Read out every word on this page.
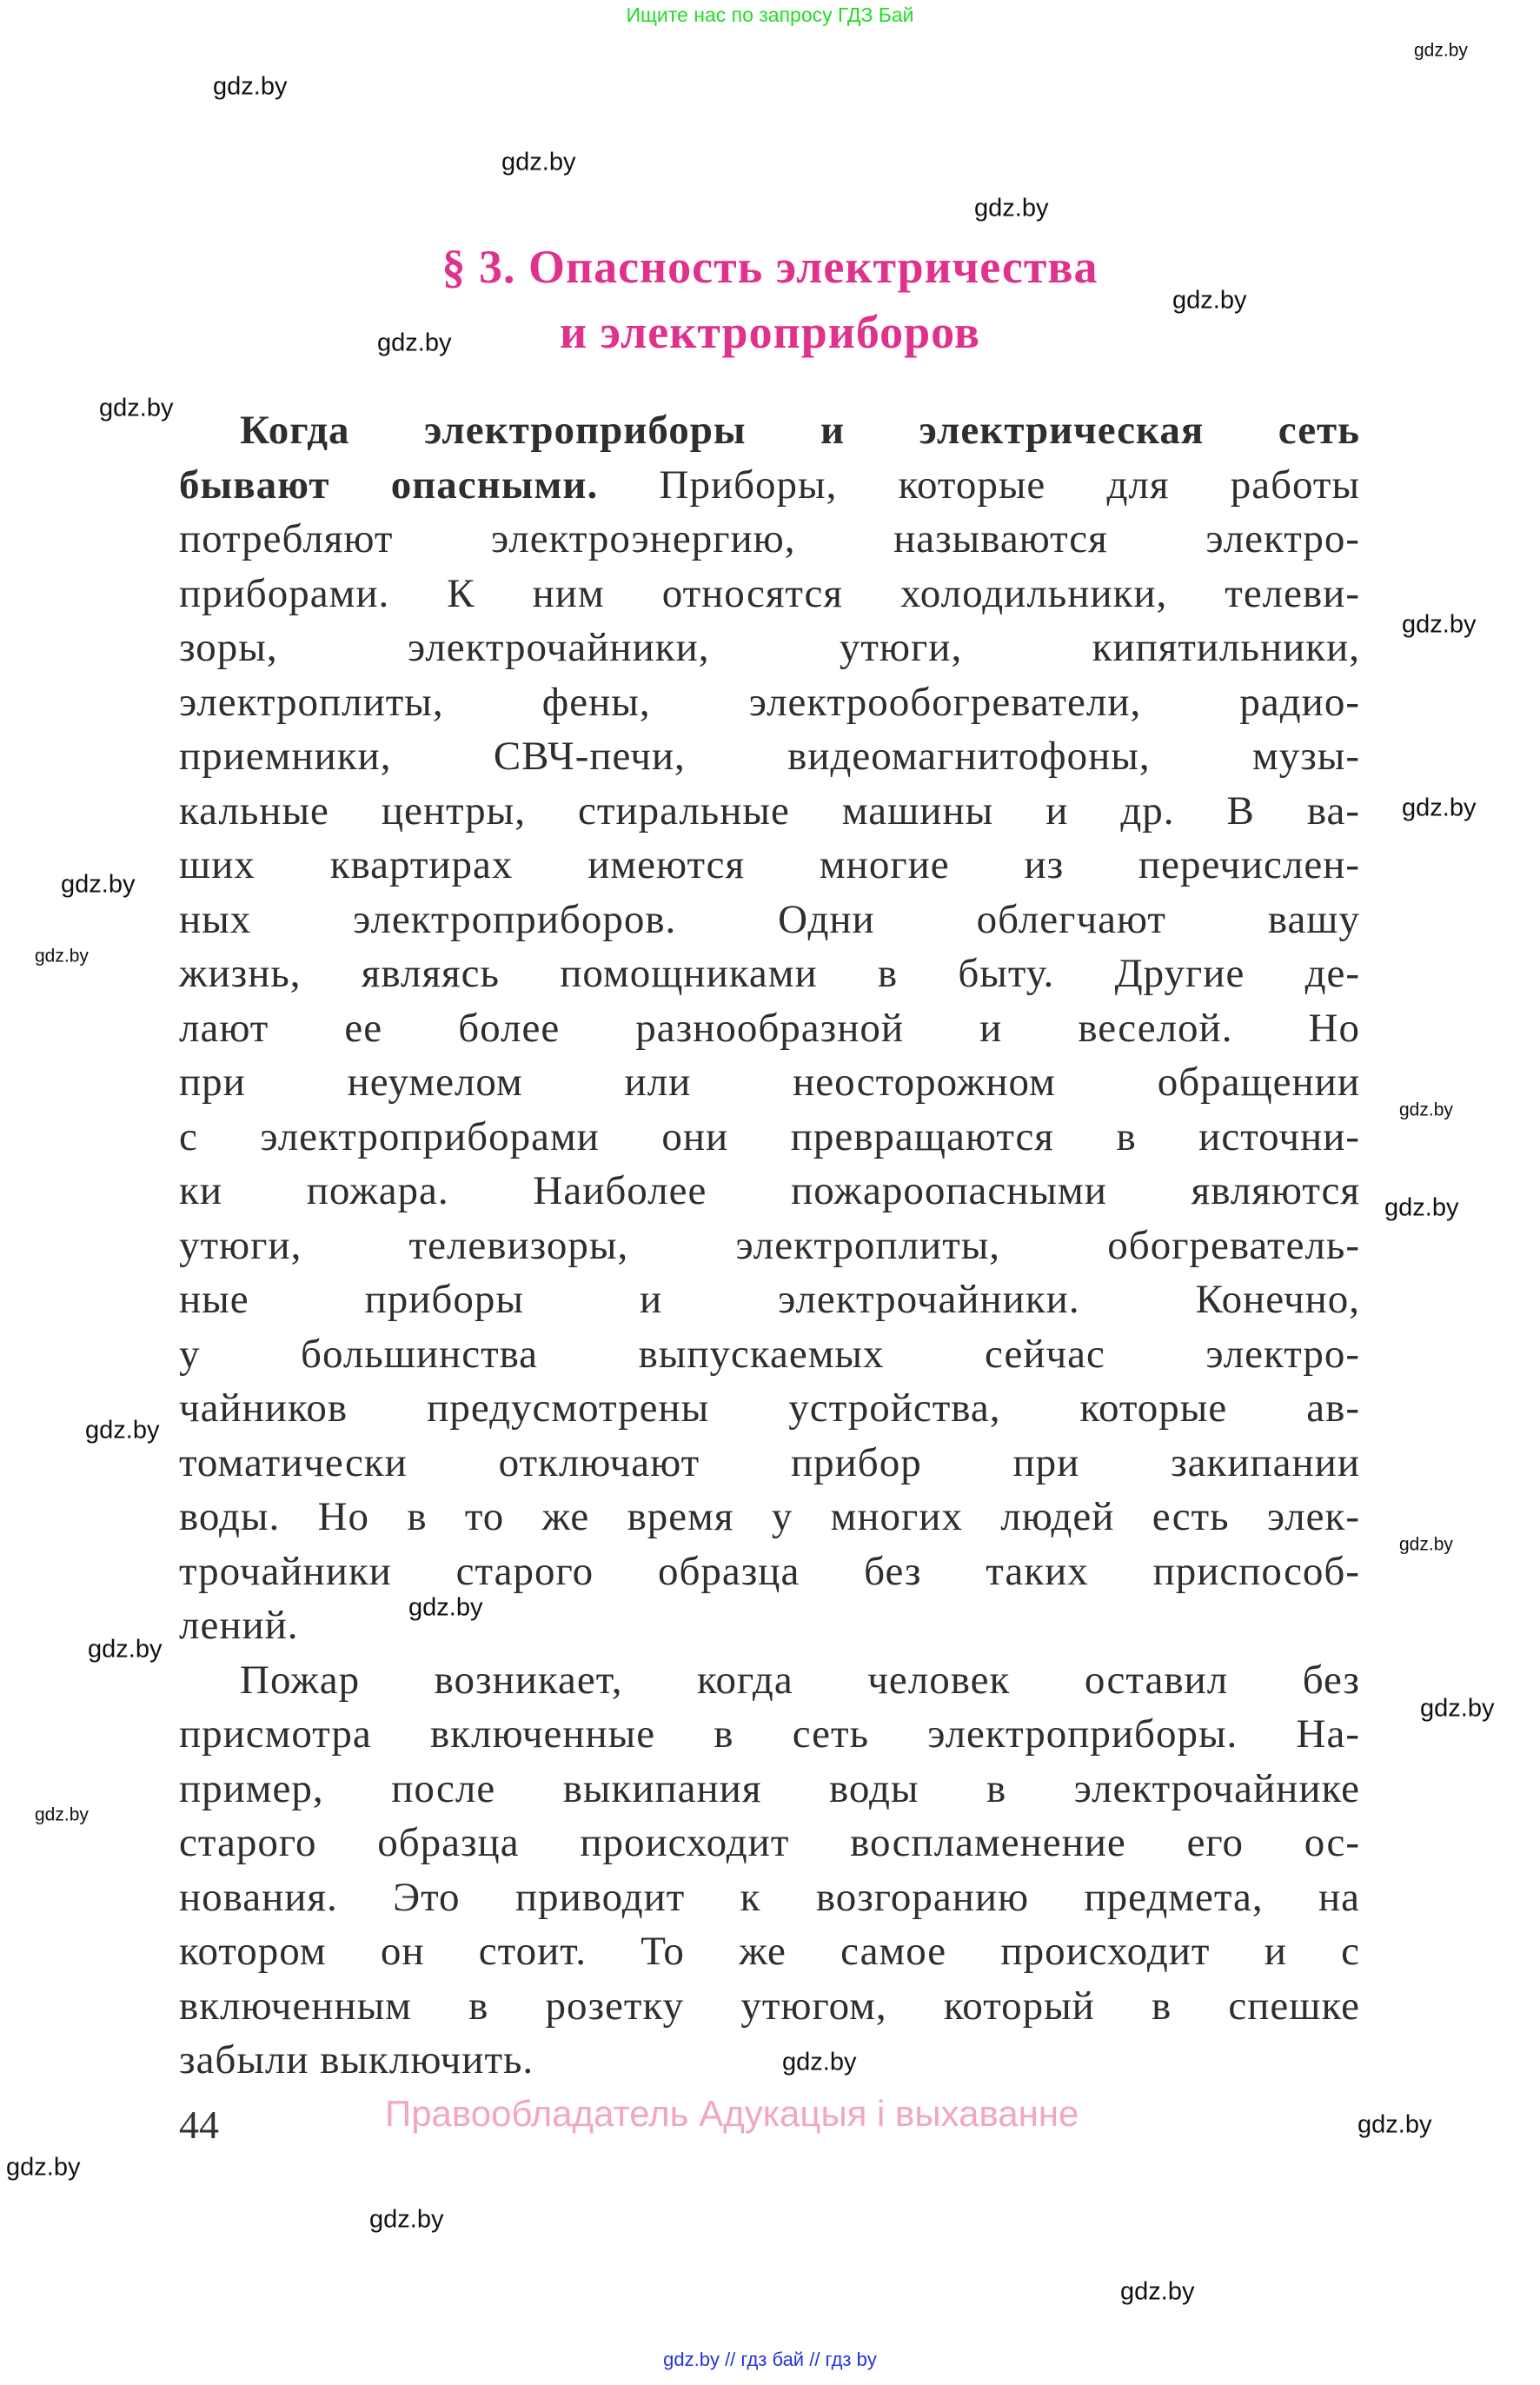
Ищите нас по запросу ГДЗ Бай
§ 3. Опасность электричества
и электроприборов
Когда электроприборы и электрическая сеть
бывают опасными. Приборы, которые для работы
потребляют электроэнергию, называются электро-
приборами. К ним относятся холодильники, телеви-
зоры, электрочайники, утюги, кипятильники,
электроплиты, фены, электрообогреватели, радио-
приемники, СВЧ-печи, видеомагнитофоны, музы-
кальные центры, стиральные машины и др. В ва-
ших квартирах имеются многие из перечислен-
ных электроприборов. Одни облегчают вашу
жизнь, являясь помощниками в быту. Другие де-
лают ее более разнообразной и веселой. Но
при неумелом или неосторожном обращении
с электроприборами они превращаются в источни-
ки пожара. Наиболее пожароопасными являются
утюги, телевизоры, электроплиты, обогреватель-
ные приборы и электрочайники. Конечно,
у большинства выпускаемых сейчас электро-
чайников предусмотрены устройства, которые ав-
томатически отключают прибор при закипании
воды. Но в то же время у многих людей есть элек-
трочайники старого образца без таких приспособ-
лений.
Пожар возникает, когда человек оставил без
присмотра включенные в сеть электроприборы. На-
пример, после выкипания воды в электрочайнике
старого образца происходит воспламенение его ос-
нования. Это приводит к возгоранию предмета, на
котором он стоит. То же самое происходит и с
включенным в розетку утюгом, который в спешке
забыли выключить.
44	Правообладатель Адукацыя і выхаванне
gdz.by // гдз бай // гдз by
gdz.by
gdz.by
gdz.by
gdz.by
gdz.by
gdz.by
gdz.by
gdz.by
gdz.by
gdz.by
gdz.by
gdz.by
gdz.by
gdz.by
gdz.by
gdz.by
gdz.by
gdz.by
gdz.by
gdz.by
gdz.by
gdz.by
gdz.by
gdz.by
